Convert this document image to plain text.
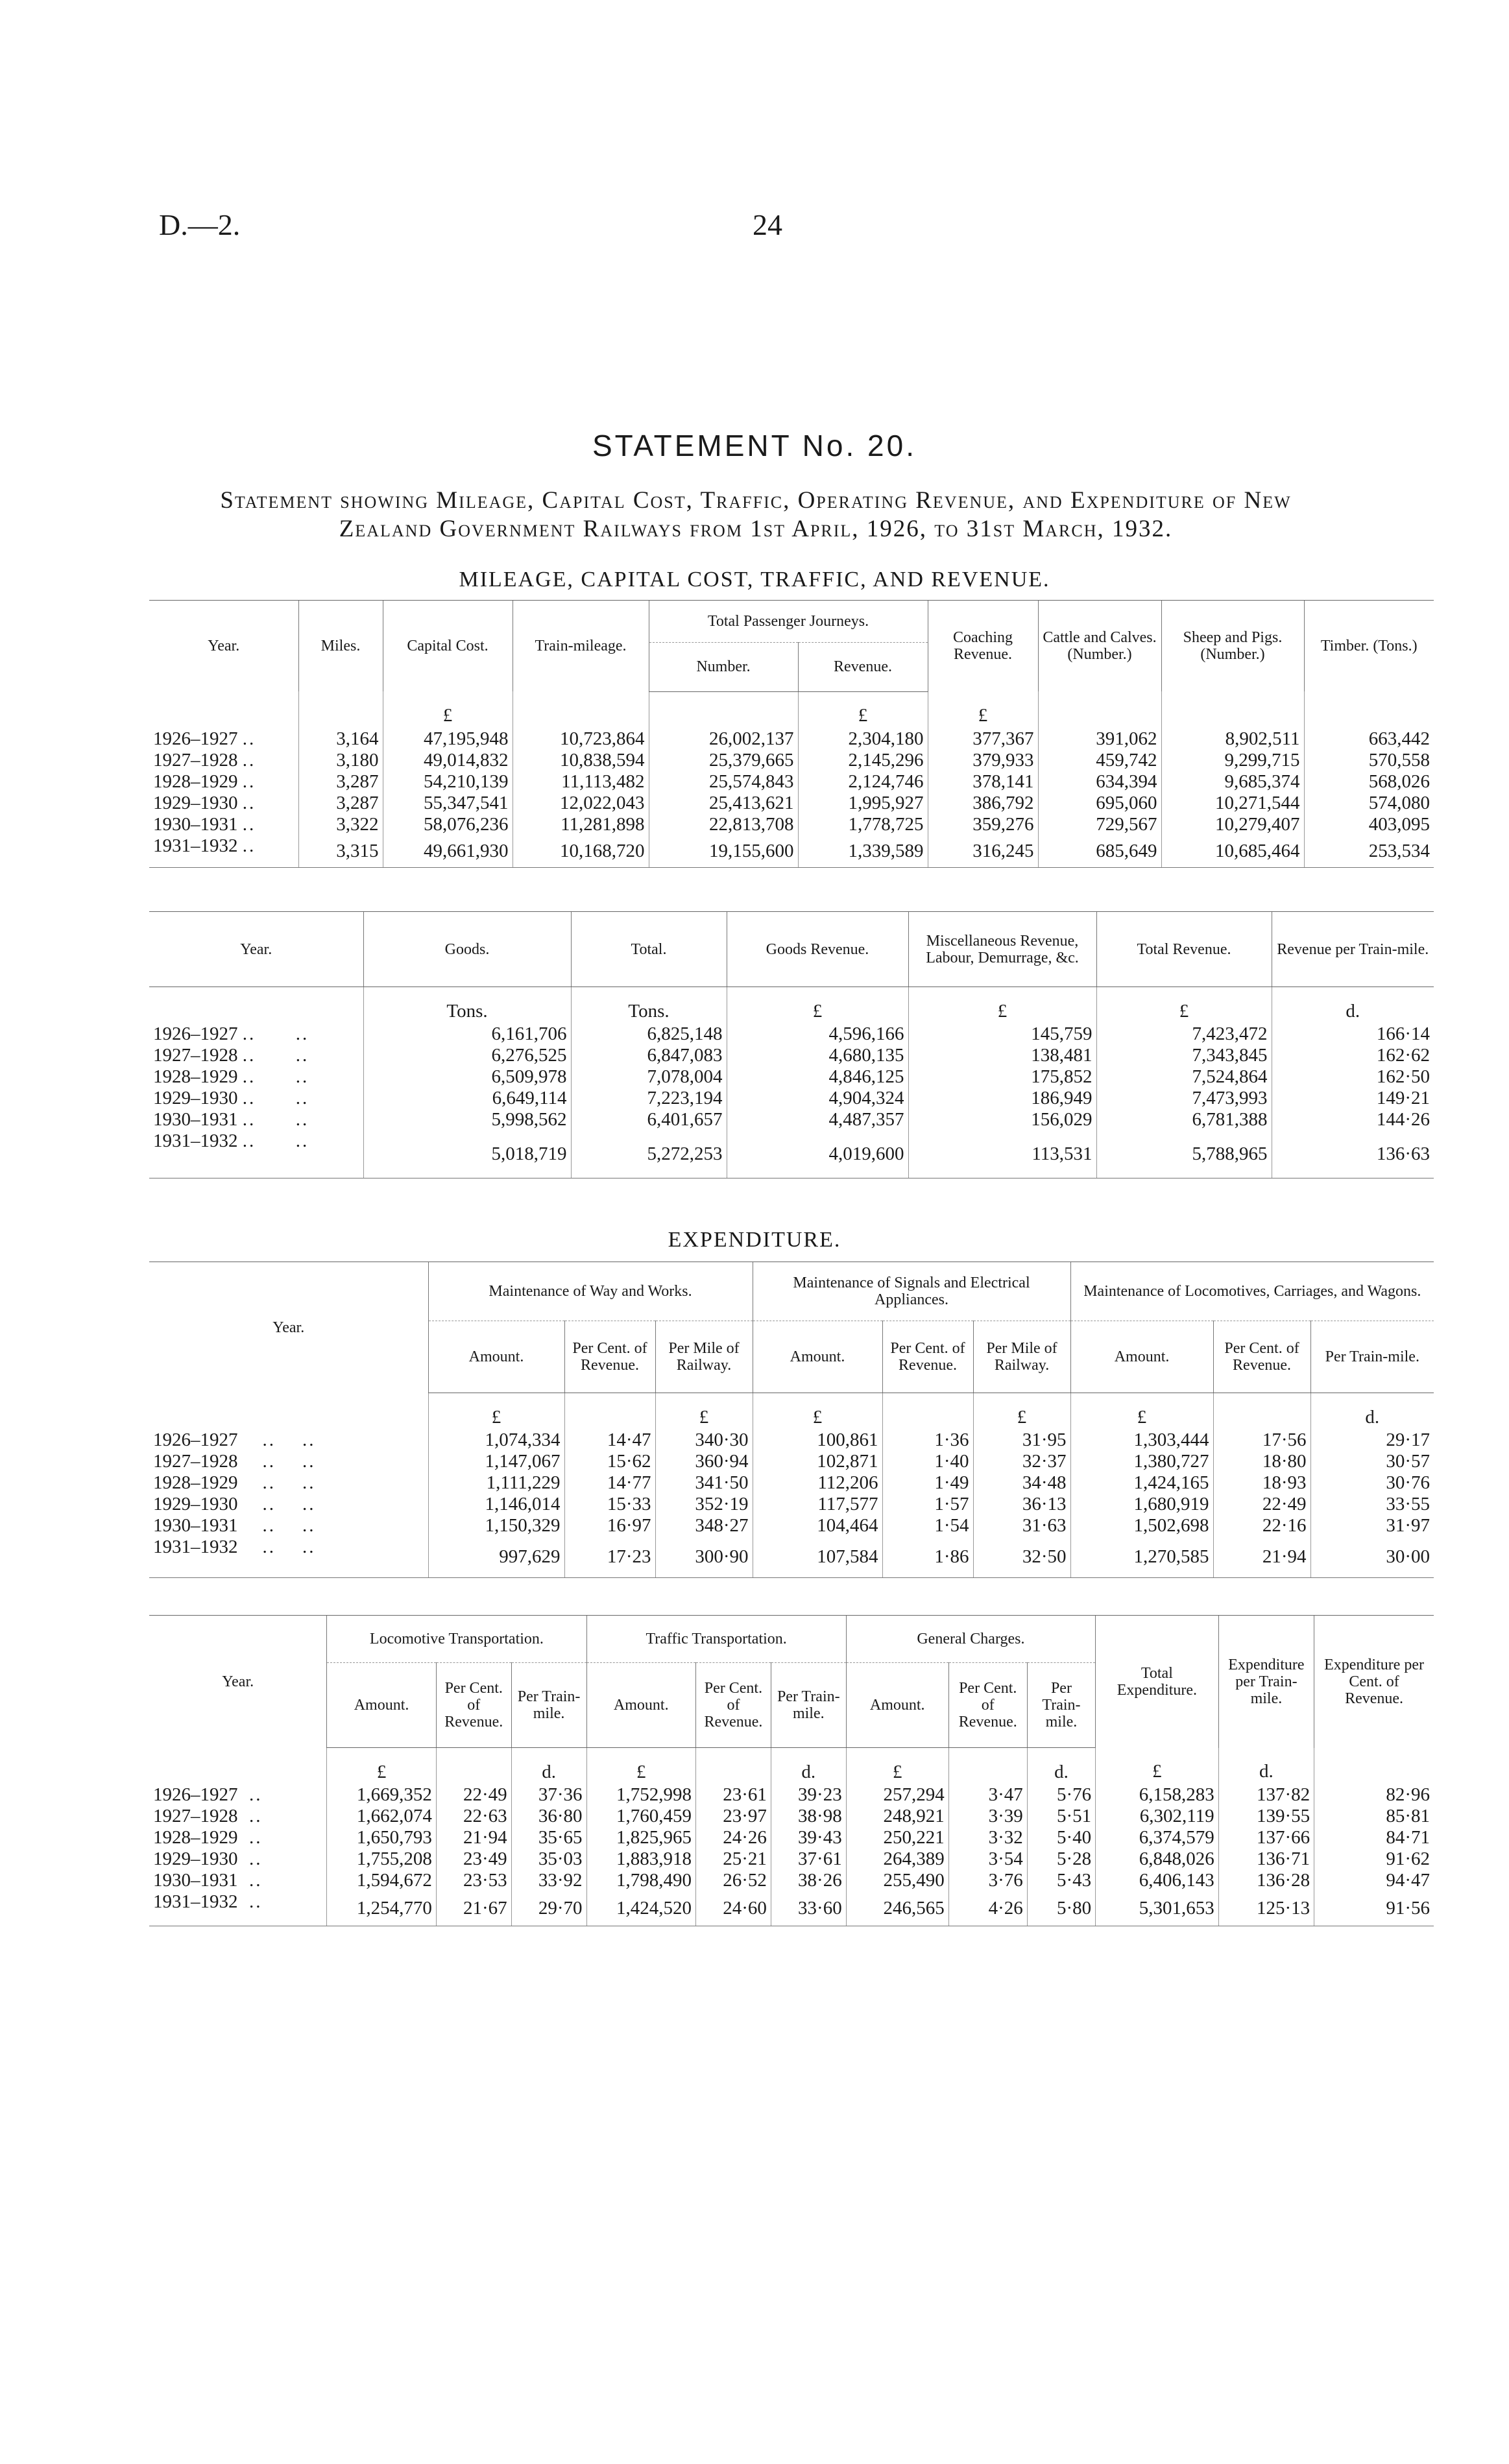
D.—2.	24
STATEMENT No. 20.
Statement showing Mileage, Capital Cost, Traffic, Operating Revenue, and Expenditure of New
Zealand Government Railways from 1st April, 1926, to 31st March, 1932.
MILEAGE, CAPITAL COST, TRAFFIC, AND REVENUE.
Year.	Miles.	Capital Cost.	Train-mileage.	Total Passenger Journeys.		Coaching Revenue.	Cattle and Calves. (Number.)	Sheep and Pigs. (Number.)	Timber. (Tons.)
				Number.	Revenue.				
		£			£	£			
1926–1927 ..	3,164	47,195,948	10,723,864	26,002,137	2,304,180	377,367	391,062	8,902,511	663,442
1927–1928 ..	3,180	49,014,832	10,838,594	25,379,665	2,145,296	379,933	459,742	9,299,715	570,558
1928–1929 ..	3,287	54,210,139	11,113,482	25,574,843	2,124,746	378,141	634,394	9,685,374	568,026
1929–1930 ..	3,287	55,347,541	12,022,043	25,413,621	1,995,927	386,792	695,060	10,271,544	574,080
1930–1931 ..	3,322	58,076,236	11,281,898	22,813,708	1,778,725	359,276	729,567	10,279,407	403,095
1931–1932 ..	3,315	49,661,930	10,168,720	19,155,600	1,339,589	316,245	685,649	10,685,464	253,534
Year.	Goods.	Total.	Goods Revenue.	Miscellaneous Revenue, Labour, Demurrage, &c.	Total Revenue.	Revenue per Train-mile.
	Tons.	Tons.	£	£	£	d.
1926–1927 ..      ..	6,161,706	6,825,148	4,596,166	145,759	7,423,472	166·14
1927–1928 ..      ..	6,276,525	6,847,083	4,680,135	138,481	7,343,845	162·62
1928–1929 ..      ..	6,509,978	7,078,004	4,846,125	175,852	7,524,864	162·50
1929–1930 ..      ..	6,649,114	7,223,194	4,904,324	186,949	7,473,993	149·21
1930–1931 ..      ..	5,998,562	6,401,657	4,487,357	156,029	6,781,388	144·26
1931–1932 ..      ..	5,018,719	5,272,253	4,019,600	113,531	5,788,965	136·63
EXPENDITURE.
Year.	Maintenance of Way and Works.			Maintenance of Signals and Electrical Appliances.			Maintenance of Locomotives, Carriages, and Wagons.		
	Amount.	Per Cent. of Revenue.	Per Mile of Railway.	Amount.	Per Cent. of Revenue.	Per Mile of Railway.	Amount.	Per Cent. of Revenue.	Per Train-mile.
	£		£	£		£	£		d.
1926–1927    ..    ..	1,074,334	14·47	340·30	100,861	1·36	31·95	1,303,444	17·56	29·17
1927–1928    ..    ..	1,147,067	15·62	360·94	102,871	1·40	32·37	1,380,727	18·80	30·57
1928–1929    ..    ..	1,111,229	14·77	341·50	112,206	1·49	34·48	1,424,165	18·93	30·76
1929–1930    ..    ..	1,146,014	15·33	352·19	117,577	1·57	36·13	1,680,919	22·49	33·55
1930–1931    ..    ..	1,150,329	16·97	348·27	104,464	1·54	31·63	1,502,698	22·16	31·97
1931–1932    ..    ..	997,629	17·23	300·90	107,584	1·86	32·50	1,270,585	21·94	30·00
Year.	Locomotive Transportation.			Traffic Transportation.			General Charges.			Total Expenditure.	Expenditure per Train-mile.	Expenditure per Cent. of Revenue.
	Amount.	Per Cent. of Revenue.	Per Train-mile.	Amount.	Per Cent. of Revenue.	Per Train-mile.	Amount.	Per Cent. of Revenue.	Per Train-mile.			
	£		d.	£		d.	£		d.	£	d.	
1926–1927  ..	1,669,352	22·49	37·36	1,752,998	23·61	39·23	257,294	3·47	5·76	6,158,283	137·82	82·96
1927–1928  ..	1,662,074	22·63	36·80	1,760,459	23·97	38·98	248,921	3·39	5·51	6,302,119	139·55	85·81
1928–1929  ..	1,650,793	21·94	35·65	1,825,965	24·26	39·43	250,221	3·32	5·40	6,374,579	137·66	84·71
1929–1930  ..	1,755,208	23·49	35·03	1,883,918	25·21	37·61	264,389	3·54	5·28	6,848,026	136·71	91·62
1930–1931  ..	1,594,672	23·53	33·92	1,798,490	26·52	38·26	255,490	3·76	5·43	6,406,143	136·28	94·47
1931–1932  ..	1,254,770	21·67	29·70	1,424,520	24·60	33·60	246,565	4·26	5·80	5,301,653	125·13	91·56
